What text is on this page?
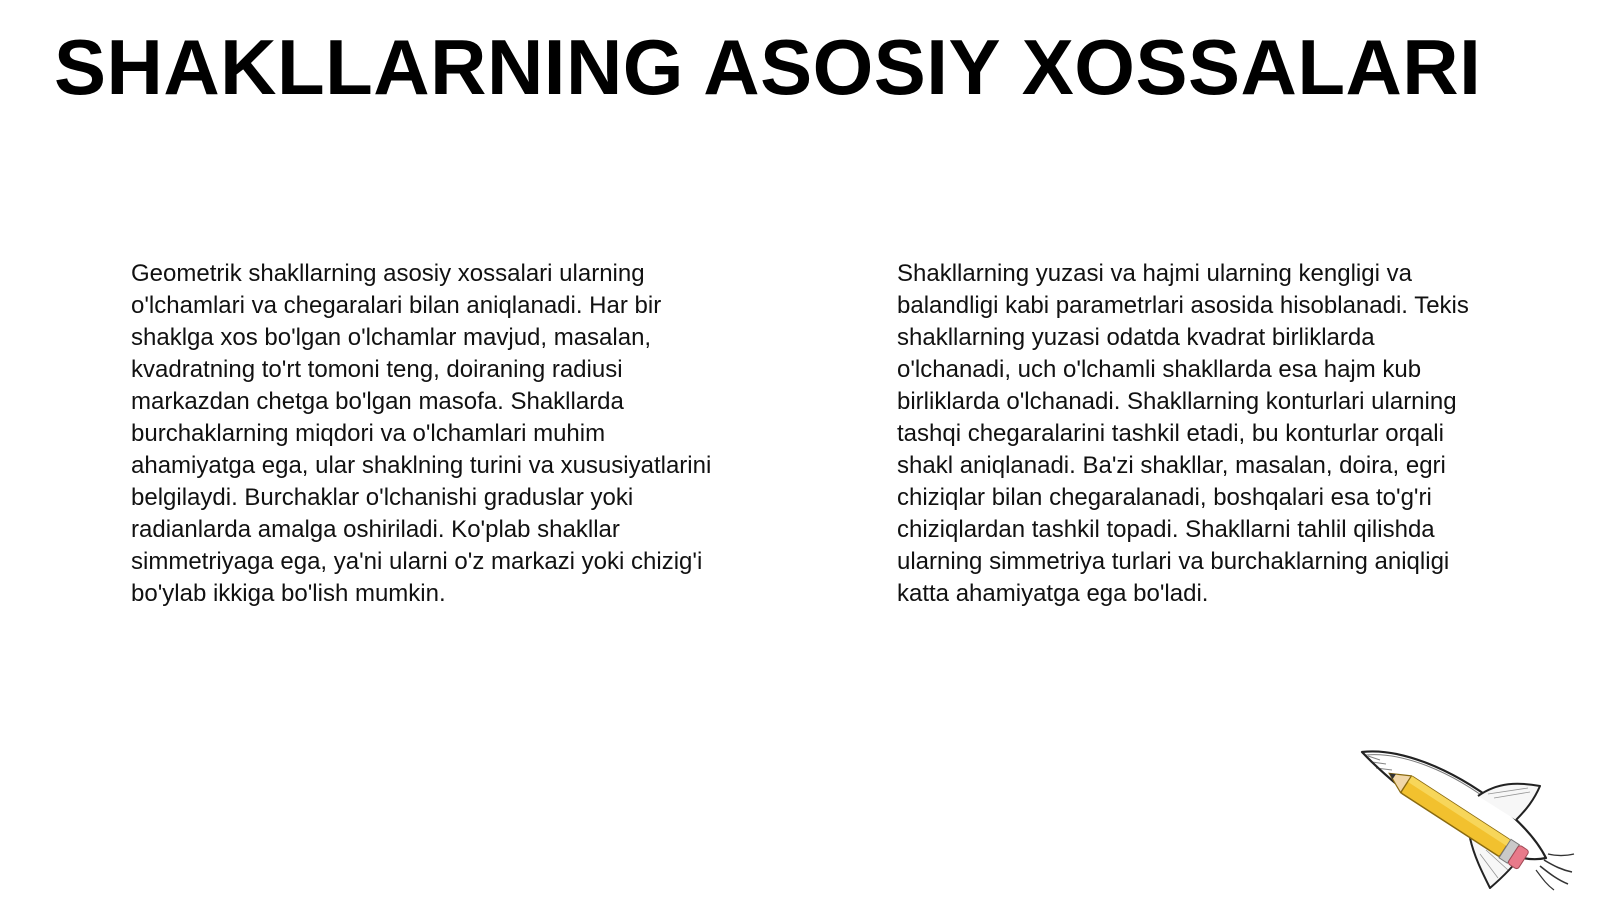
SHAKLLARNING ASOSIY XOSSALARI

Geometrik shakllarning asosiy xossalari ularning o'lchamlari va chegaralari bilan aniqlanadi. Har bir shaklga xos bo'lgan o'lchamlar mavjud, masalan, kvadratning to'rt tomoni teng, doiraning radiusi markazdan chetga bo'lgan masofa. Shakllarda burchaklarning miqdori va o'lchamlari muhim ahamiyatga ega, ular shaklning turini va xususiyatlarini belgilaydi. Burchaklar o'lchanishi graduslar yoki radianlarda amalga oshiriladi. Ko'plab shakllar simmetriyaga ega, ya'ni ularni o'z markazi yoki chizig'i bo'ylab ikkiga bo'lish mumkin.

Shakllarning yuzasi va hajmi ularning kengligi va balandligi kabi parametrlari asosida hisoblanadi. Tekis shakllarning yuzasi odatda kvadrat birliklarda o'lchanadi, uch o'lchamli shakllarda esa hajm kub birliklarda o'lchanadi. Shakllarning konturlari ularning tashqi chegaralarini tashkil etadi, bu konturlar orqali shakl aniqlanadi. Ba'zi shakllar, masalan, doira, egri chiziqlar bilan chegaralanadi, boshqalari esa to'g'ri chiziqlardan tashkil topadi. Shakllarni tahlil qilishda ularning simmetriya turlari va burchaklarning aniqligi katta ahamiyatga ega bo'ladi.
